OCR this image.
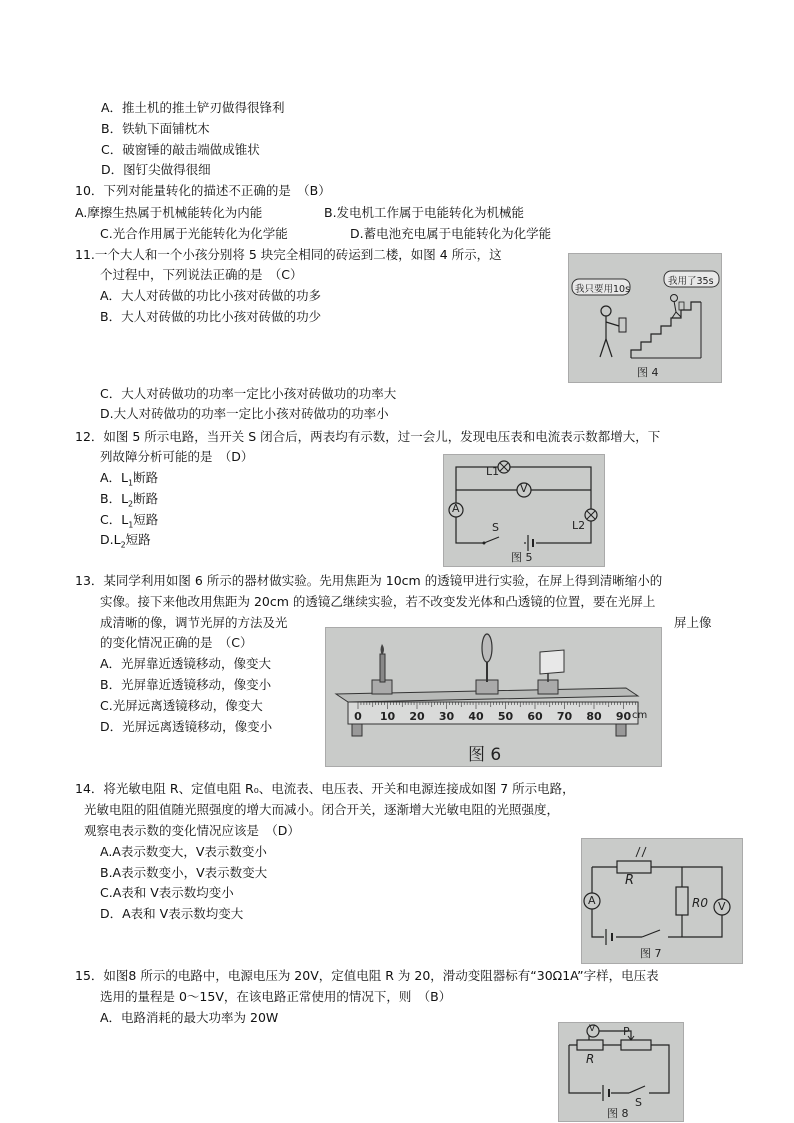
A．推土机的推土铲刃做得很锋利
B．铁轨下面铺枕木
C．破窗锤的敲击端做成锥状
D．图钉尖做得很细
10．下列对能量转化的描述不正确的是　（B）
A.摩擦生热属于机械能转化为内能	B.发电机工作属于电能转化为机械能
C.光合作用属于光能转化为化学能	D.蓄电池充电属于电能转化为化学能
11.一个大人和一个小孩分别将 5 块完全相同的砖运到二楼，如图 4 所示，这
个过程中，下列说法正确的是　（C）
A．大人对砖做的功比小孩对砖做的功多
B．大人对砖做的功比小孩对砖做的功少
C．大人对砖做功的功率一定比小孩对砖做功的功率大
D.大人对砖做功的功率一定比小孩对砖做功的功率小
我只要用10s
我用了35s
图 4
12．如图 5 所示电路，当开关 S 闭合后，两表均有示数，过一会儿，发现电压表和电流表示数都增大，下
列故障分析可能的是　（D）
A．$L_1$断路
B．$L_2$断路
C．$L_1$短路
$D.L_2$短路
L1
V
A
L2
S
图 5
13．某同学利用如图 6 所示的器材做实验。先用焦距为 10cm 的透镜甲进行实验，在屏上得到清晰缩小的
实像。接下来他改用焦距为 20cm 的透镜乙继续实验，若不改变发光体和凸透镜的位置，要在光屏上
成清晰的像，调节光屏的方法及光	屏上像
的变化情况正确的是　（C）
A．光屏靠近透镜移动，像变大
B．光屏靠近透镜移动，像变小
C.光屏远离透镜移动，像变大
D．光屏远离透镜移动，像变小
0 10 20 30 40 50 60 70 80 90 cm
图 6
14．将光敏电阻 R、定值电阻 R₀、电流表、电压表、开关和电源连接成如图 7 所示电路，
光敏电阻的阻值随光照强度的增大而减小。闭合开关，逐渐增大光敏电阻的光照强度，
观察电表示数的变化情况应该是　（D）
A.A表示数变大，V表示数变小
B.A表示数变小，V表示数变大
C.A表和 V表示数均变小
D．A表和 V表示数均变大
R
R0
A	V
图 7
15．如图8 所示的电路中，电源电压为 20V，定值电阻 R 为 20，滑动变阻器标有“30Ω1A”字样，电压表
选用的量程是 0～15V，在该电路正常使用的情况下，则　（B）
A．电路消耗的最大功率为 20W
V	P
R
S
图 8
